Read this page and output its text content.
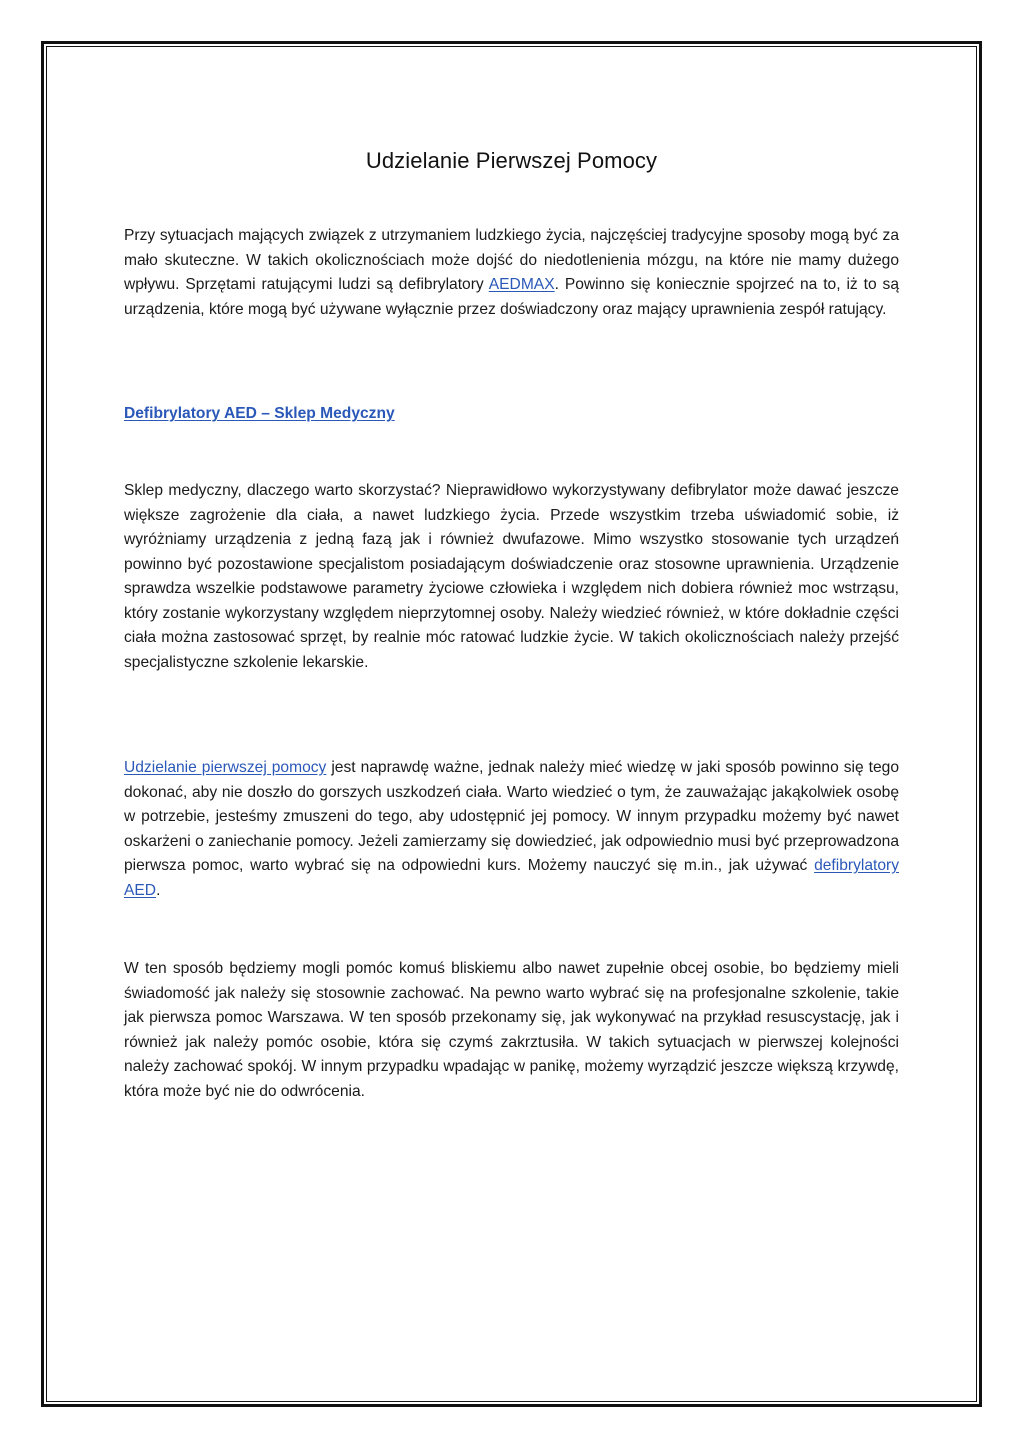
Udzielanie Pierwszej Pomocy

Przy sytuacjach mających związek z utrzymaniem ludzkiego życia, najczęściej tradycyjne sposoby mogą być za mało skuteczne. W takich okolicznościach może dojść do niedotlenienia mózgu, na które nie mamy dużego wpływu. Sprzętami ratującymi ludzi są defibrylatory AEDMAX. Powinno się koniecznie spojrzeć na to, iż to są urządzenia, które mogą być używane wyłącznie przez doświadczony oraz mający uprawnienia zespół ratujący.

Defibrylatory AED – Sklep Medyczny

Sklep medyczny, dlaczego warto skorzystać? Nieprawidłowo wykorzystywany defibrylator może dawać jeszcze większe zagrożenie dla ciała, a nawet ludzkiego życia. Przede wszystkim trzeba uświadomić sobie, iż wyróżniamy urządzenia z jedną fazą jak i również dwufazowe. Mimo wszystko stosowanie tych urządzeń powinno być pozostawione specjalistom posiadającym doświadczenie oraz stosowne uprawnienia. Urządzenie sprawdza wszelkie podstawowe parametry życiowe człowieka i względem nich dobiera również moc wstrząsu, który zostanie wykorzystany względem nieprzytomnej osoby. Należy wiedzieć również, w które dokładnie części ciała można zastosować sprzęt, by realnie móc ratować ludzkie życie. W takich okolicznościach należy przejść specjalistyczne szkolenie lekarskie.

Udzielanie pierwszej pomocy jest naprawdę ważne, jednak należy mieć wiedzę w jaki sposób powinno się tego dokonać, aby nie doszło do gorszych uszkodzeń ciała. Warto wiedzieć o tym, że zauważając jakąkolwiek osobę w potrzebie, jesteśmy zmuszeni do tego, aby udostępnić jej pomocy. W innym przypadku możemy być nawet oskarżeni o zaniechanie pomocy. Jeżeli zamierzamy się dowiedzieć, jak odpowiednio musi być przeprowadzona pierwsza pomoc, warto wybrać się na odpowiedni kurs. Możemy nauczyć się m.in., jak używać defibrylatory AED.

W ten sposób będziemy mogli pomóc komuś bliskiemu albo nawet zupełnie obcej osobie, bo będziemy mieli świadomość jak należy się stosownie zachować. Na pewno warto wybrać się na profesjonalne szkolenie, takie jak pierwsza pomoc Warszawa. W ten sposób przekonamy się, jak wykonywać na przykład resuscystację, jak i również jak należy pomóc osobie, która się czymś zakrztusiła. W takich sytuacjach w pierwszej kolejności należy zachować spokój. W innym przypadku wpadając w panikę, możemy wyrządzić jeszcze większą krzywdę, która może być nie do odwrócenia.
